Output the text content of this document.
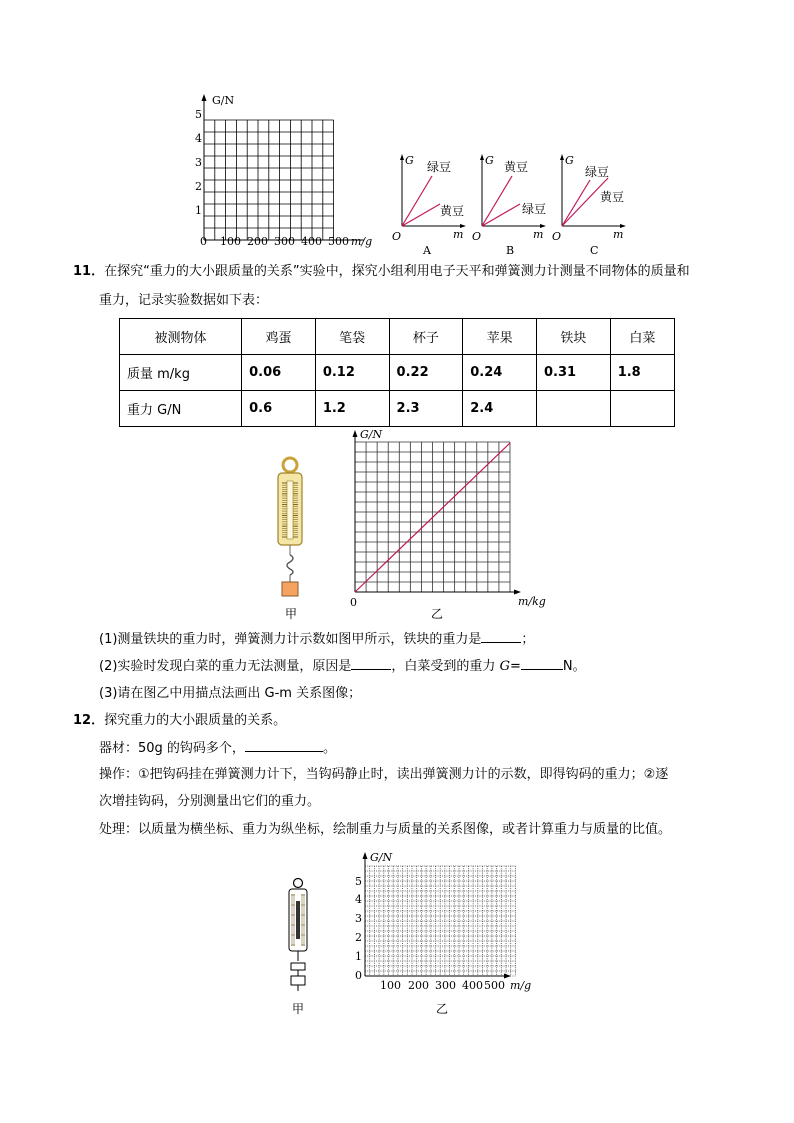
G/N
5
4
3
2
1
0 100 200 300 400 500 m/g
G
m
O
绿豆
黄豆
A
G
m
O
黄豆
绿豆
B
G
m
O
绿豆
黄豆
C
11．在探究“重力的大小跟质量的关系”实验中，探究小组利用电子天平和弹簧测力计测量不同物体的质量和
重力，记录实验数据如下表：
被测物体	鸡蛋	笔袋	杯子	苹果	铁块	白菜
质量 m/kg	0.06	0.12	0.22	0.24	0.31	1.8
重力 G/N	0.6	1.2	2.3	2.4		
甲
G/N
0	m/kg
乙
(1)测量铁块的重力时，弹簧测力计示数如图甲所示，铁块的重力是	；
(2)实验时发现白菜的重力无法测量，原因是	，白菜受到的重力 G=	N。
(3)请在图乙中用描点法画出 G-m 关系图像；
12．探究重力的大小跟质量的关系。
器材：50g 的钩码多个，	。
操作：①把钩码挂在弹簧测力计下，当钩码静止时，读出弹簧测力计的示数，即得钩码的重力；②逐
次增挂钩码，分别测量出它们的重力。
处理：以质量为横坐标、重力为纵坐标，绘制重力与质量的关系图像，或者计算重力与质量的比值。
甲
G/N
5
4
3
2
1
0
100 200 300 400 500 m/g
乙
